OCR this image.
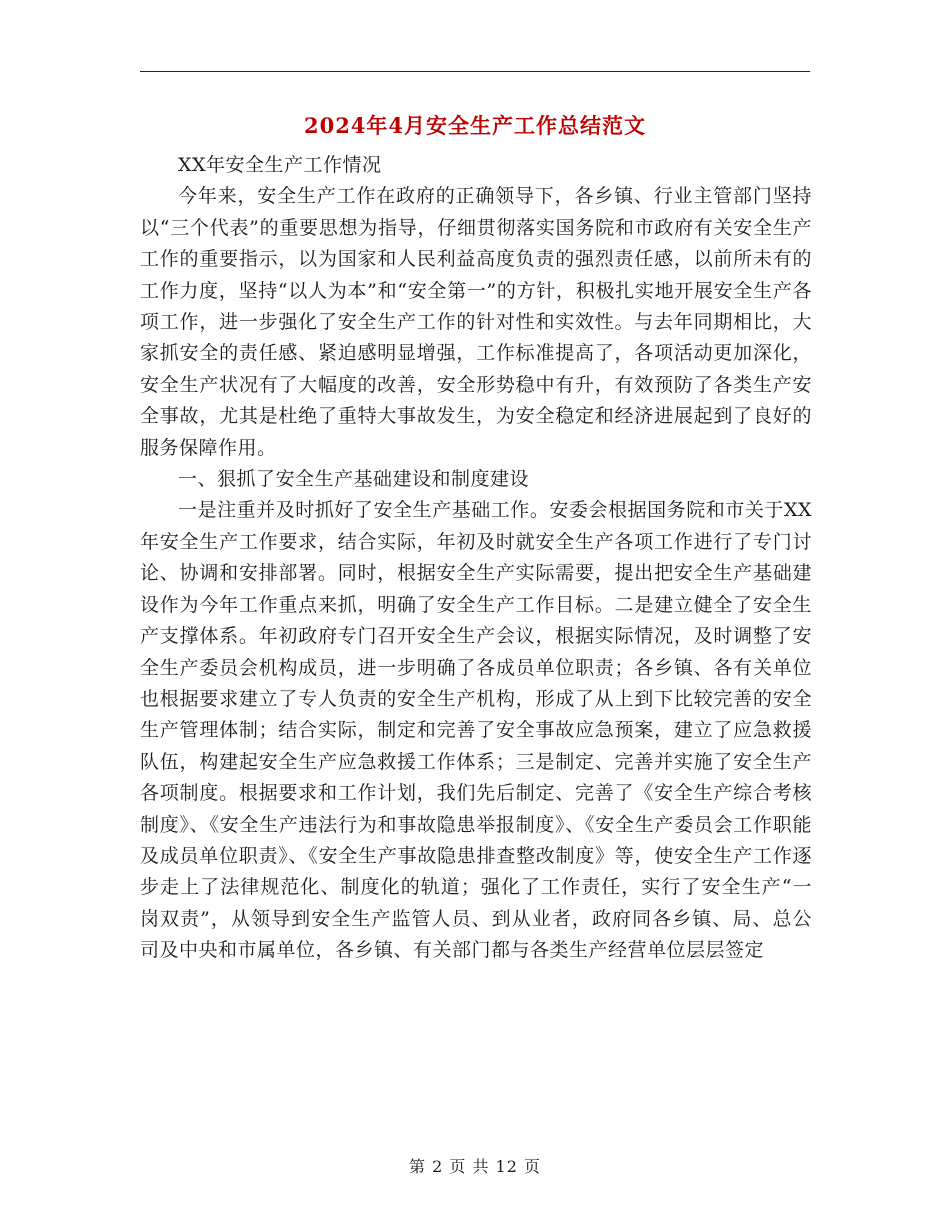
2024年4月安全生产工作总结范文

XX年安全生产工作情况

今年来，安全生产工作在政府的正确领导下，各乡镇、行业主管部门坚持以“三个代表”的重要思想为指导，仔细贯彻落实国务院和市政府有关安全生产工作的重要指示，以为国家和人民利益高度负责的强烈责任感，以前所未有的工作力度，坚持“以人为本”和“安全第一”的方针，积极扎实地开展安全生产各项工作，进一步强化了安全生产工作的针对性和实效性。与去年同期相比，大家抓安全的责任感、紧迫感明显增强，工作标准提高了，各项活动更加深化，安全生产状况有了大幅度的改善，安全形势稳中有升，有效预防了各类生产安全事故，尤其是杜绝了重特大事故发生，为安全稳定和经济进展起到了良好的服务保障作用。

一、狠抓了安全生产基础建设和制度建设

一是注重并及时抓好了安全生产基础工作。安委会根据国务院和市关于XX年安全生产工作要求，结合实际，年初及时就安全生产各项工作进行了专门讨论、协调和安排部署。同时，根据安全生产实际需要，提出把安全生产基础建设作为今年工作重点来抓，明确了安全生产工作目标。二是建立健全了安全生产支撑体系。年初政府专门召开安全生产会议，根据实际情况，及时调整了安全生产委员会机构成员，进一步明确了各成员单位职责；各乡镇、各有关单位也根据要求建立了专人负责的安全生产机构，形成了从上到下比较完善的安全生产管理体制；结合实际，制定和完善了安全事故应急预案，建立了应急救援队伍，构建起安全生产应急救援工作体系；三是制定、完善并实施了安全生产各项制度。根据要求和工作计划，我们先后制定、完善了《安全生产综合考核制度》、《安全生产违法行为和事故隐患举报制度》、《安全生产委员会工作职能及成员单位职责》、《安全生产事故隐患排查整改制度》等，使安全生产工作逐步走上了法律规范化、制度化的轨道；强化了工作责任，实行了安全生产“一岗双责”，从领导到安全生产监管人员、到从业者，政府同各乡镇、局、总公司及中央和市属单位，各乡镇、有关部门都与各类生产经营单位层层签定

第 2 页 共 12 页
